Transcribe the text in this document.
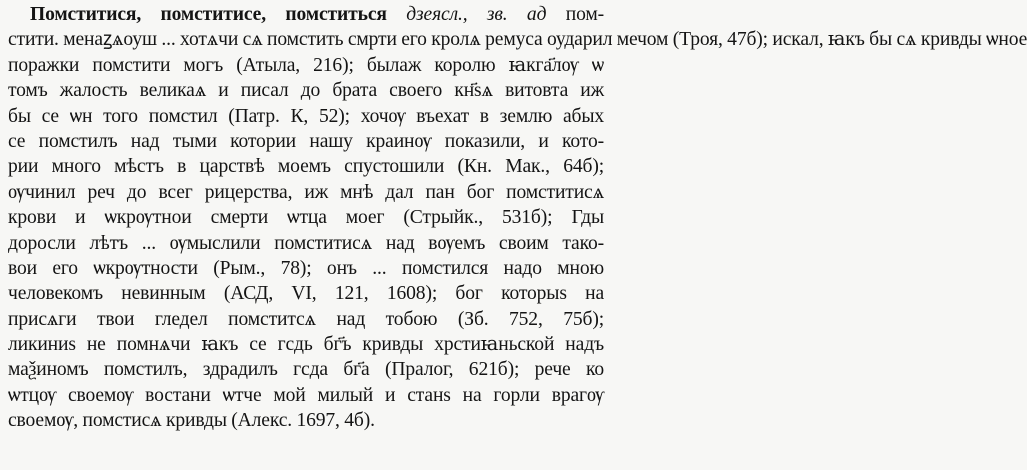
Помститися, помститисе, помститься дзеясл., зв. ад пом-
стити. менаꙁѧоуш ... хотѧчи сѧ помстить смрти его кролѧ ремуса оударил мечом (Троя, 47б); искал, ꙗкъ бы сѧ кривды ѡное
поражки помстити могъ (Атыла, 216); былаж королю ꙗкга҃лѹ ѡ
томъ жалость великаѧ и писал до брата своего кн҃ѕѧ витовта иж
бы се ѡн того помстил (Патр. К, 52); хочѹ въехат в землю абых
се помстилъ над тыми котории нашу краинѹ показили, и кото-
рии много мѣстъ в царствѣ моемъ спустошили (Кн. Мак., 64б);
ѹчинил реч до всег рицерства, иж мнѣ дал пан бог помститисѧ
крови и ѡкрѹтнои смерти ѡтца моег (Стрыйк., 531б); Гды
доросли лѣтъ ... ѹмыслили помститисѧ над вѹемъ своим тако-
вои его ѡкрѹтности (Рым., 78); онъ ... помстился надо мною
человекомъ невинным (АСД, VI, 121, 1608); бог которыѕ на
присѧги твои гледел помститсѧ над тобою (Зб. 752, 75б);
ликиниѕ не помнѧчи ꙗкъ се гсдь бг҃ъ кривды хрстиꙗньской надъ
маѯиномъ помстилъ, здрадилъ гсда бг҃а (Пралог, 621б); рече ко
ѡтцѹ своемѹ востани ѡтче мой милый и станѕ на горли врагѹ
своемѹ, помстисѧ кривды (Алекс. 1697, 4б).
